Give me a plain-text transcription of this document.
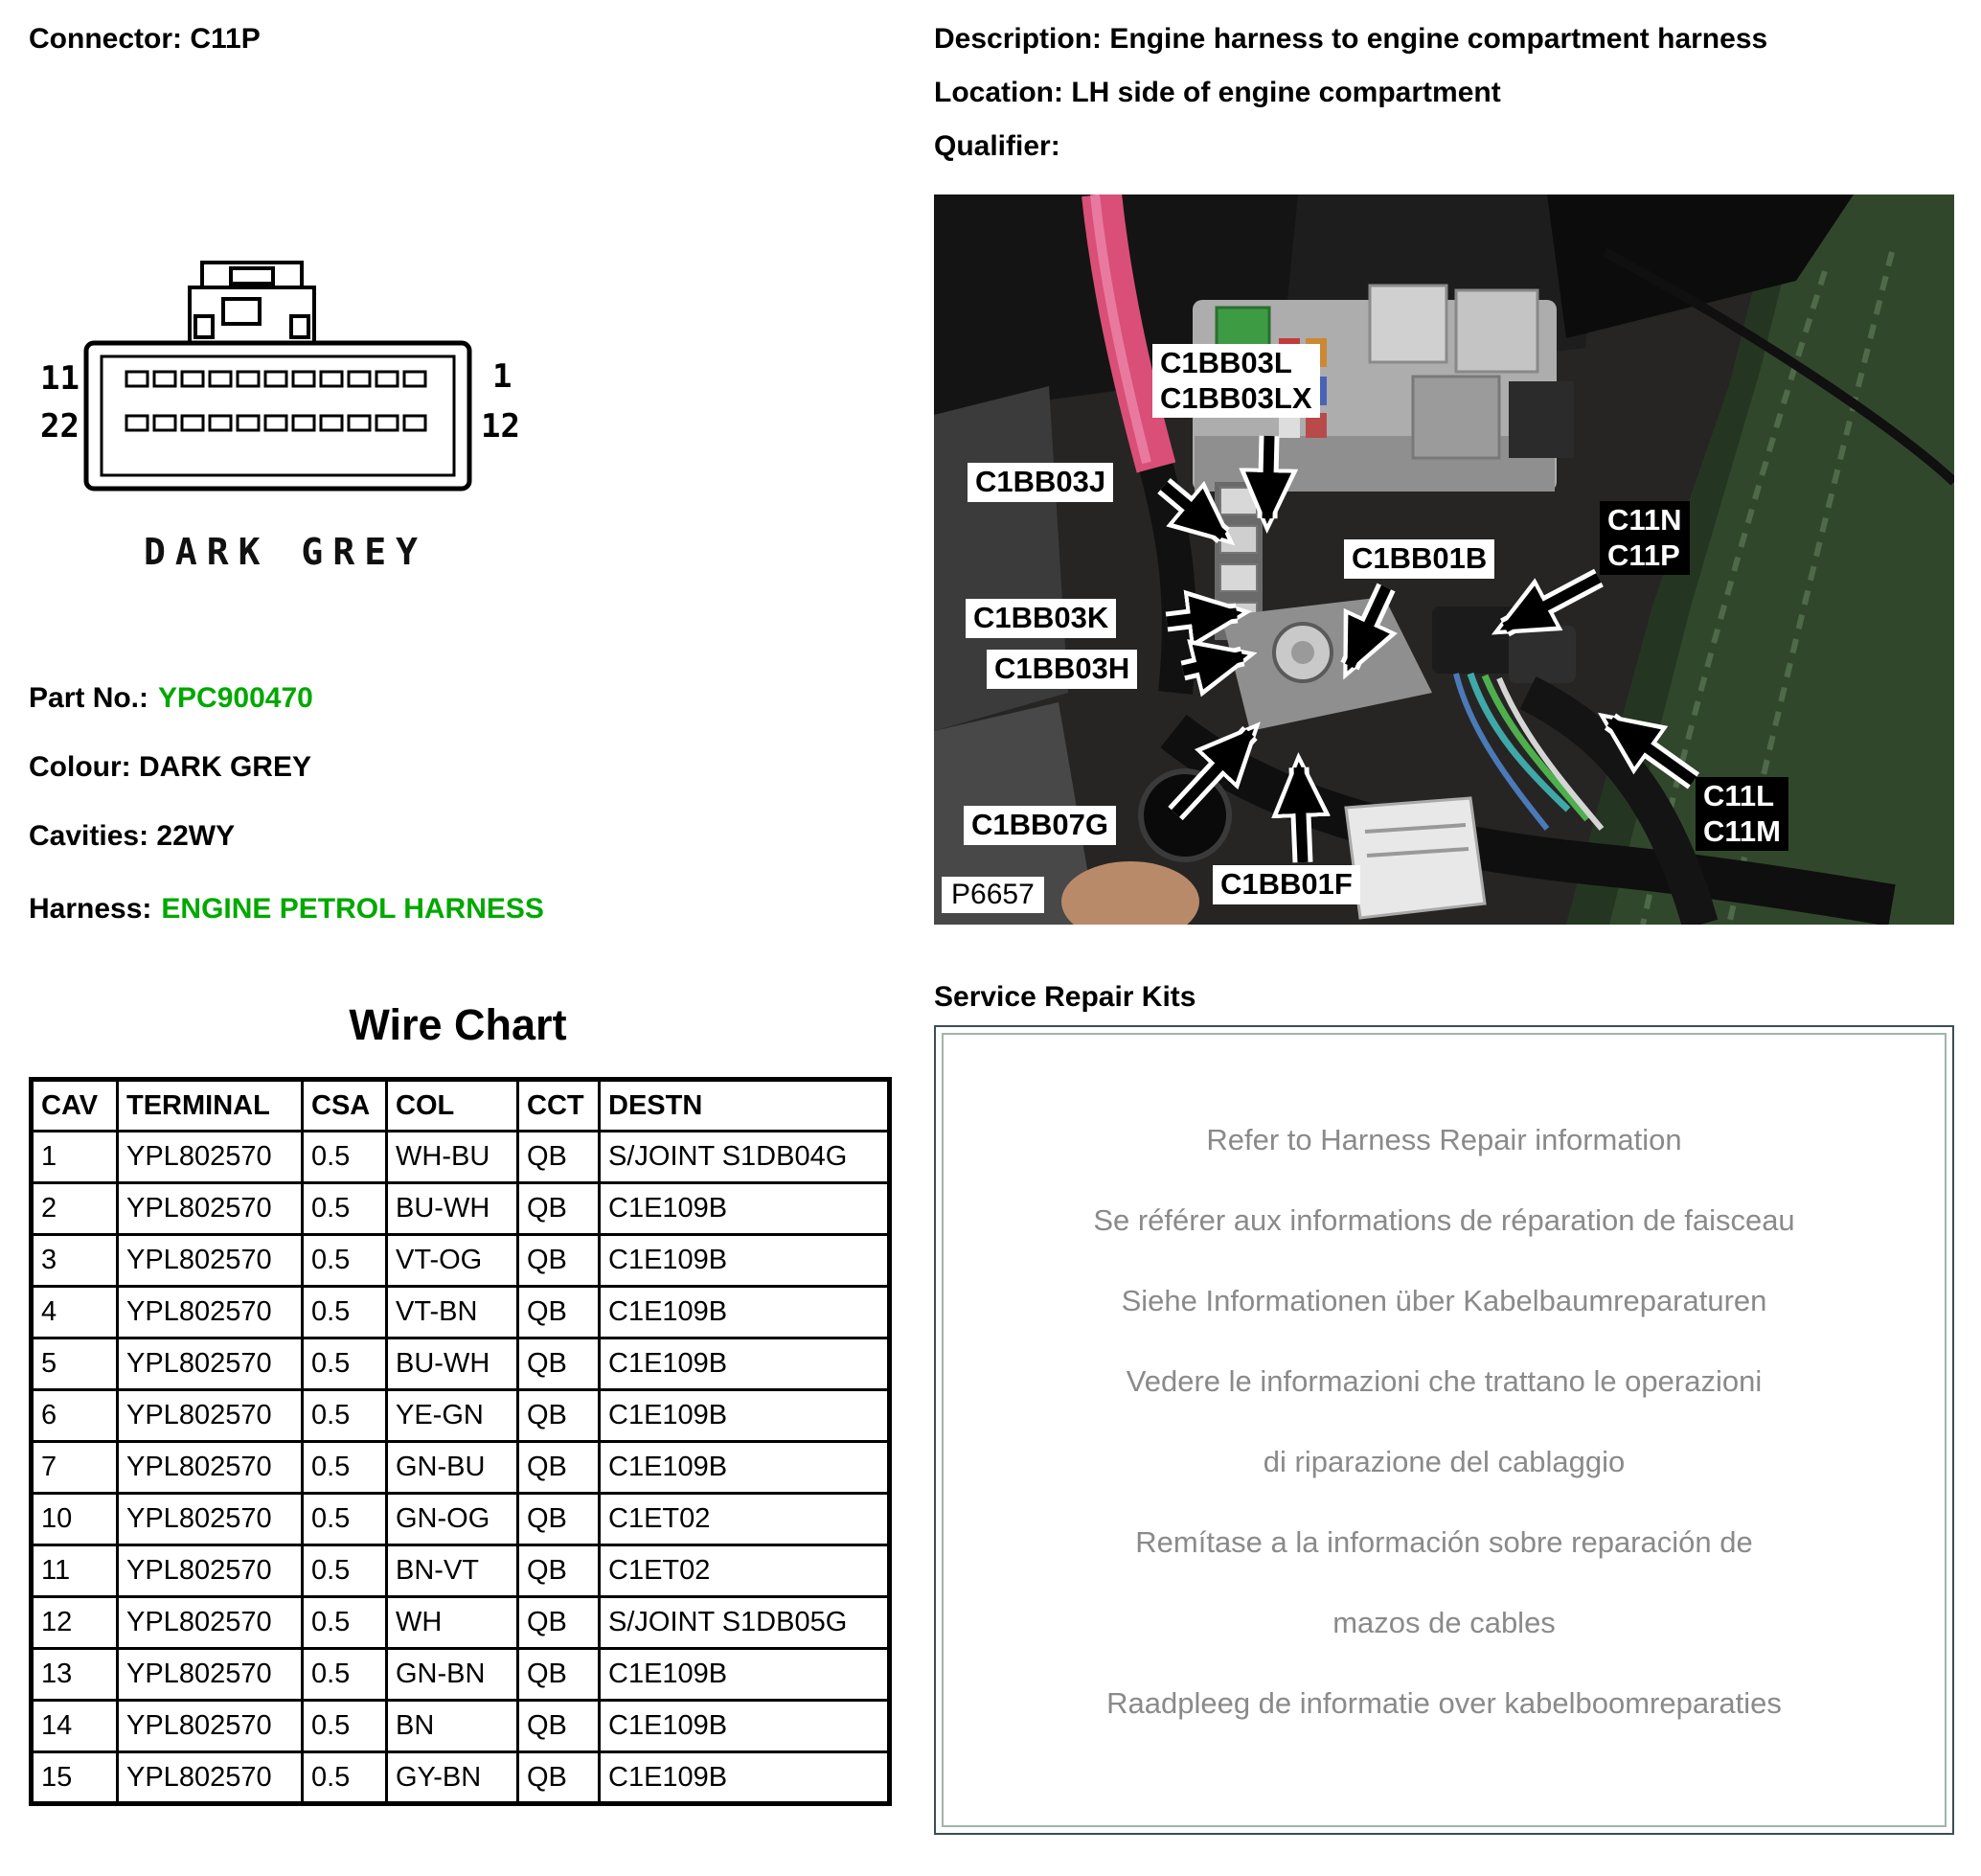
Connector: C11P	Description: Engine harness to engine compartment harness
Location: LH side of engine compartment
Qualifier:
11
22
1
12
DARK GREY
Part No.: YPC900470
Colour: DARK GREY
Cavities: 22WY
Harness: ENGINE PETROL HARNESS
C1BB03L
C1BB03LX
C1BB03J
C1BB01B
C11N
C11P
C1BB03K
C1BB03H
C1BB07G
C11L
C11M
C1BB01F
P6657
Wire Chart
CAV	TERMINAL	CSA	COL	CCT	DESTN
1	YPL802570	0.5	WH-BU	QB	S/JOINT S1DB04G
2	YPL802570	0.5	BU-WH	QB	C1E109B
3	YPL802570	0.5	VT-OG	QB	C1E109B
4	YPL802570	0.5	VT-BN	QB	C1E109B
5	YPL802570	0.5	BU-WH	QB	C1E109B
6	YPL802570	0.5	YE-GN	QB	C1E109B
7	YPL802570	0.5	GN-BU	QB	C1E109B
10	YPL802570	0.5	GN-OG	QB	C1ET02
11	YPL802570	0.5	BN-VT	QB	C1ET02
12	YPL802570	0.5	WH	QB	S/JOINT S1DB05G
13	YPL802570	0.5	GN-BN	QB	C1E109B
14	YPL802570	0.5	BN	QB	C1E109B
15	YPL802570	0.5	GY-BN	QB	C1E109B
Service Repair Kits
Refer to Harness Repair information
Se référer aux informations de réparation de faisceau
Siehe Informationen über Kabelbaumreparaturen
Vedere le informazioni che trattano le operazioni
di riparazione del cablaggio
Remítase a la información sobre reparación de
mazos de cables
Raadpleeg de informatie over kabelboomreparaties
